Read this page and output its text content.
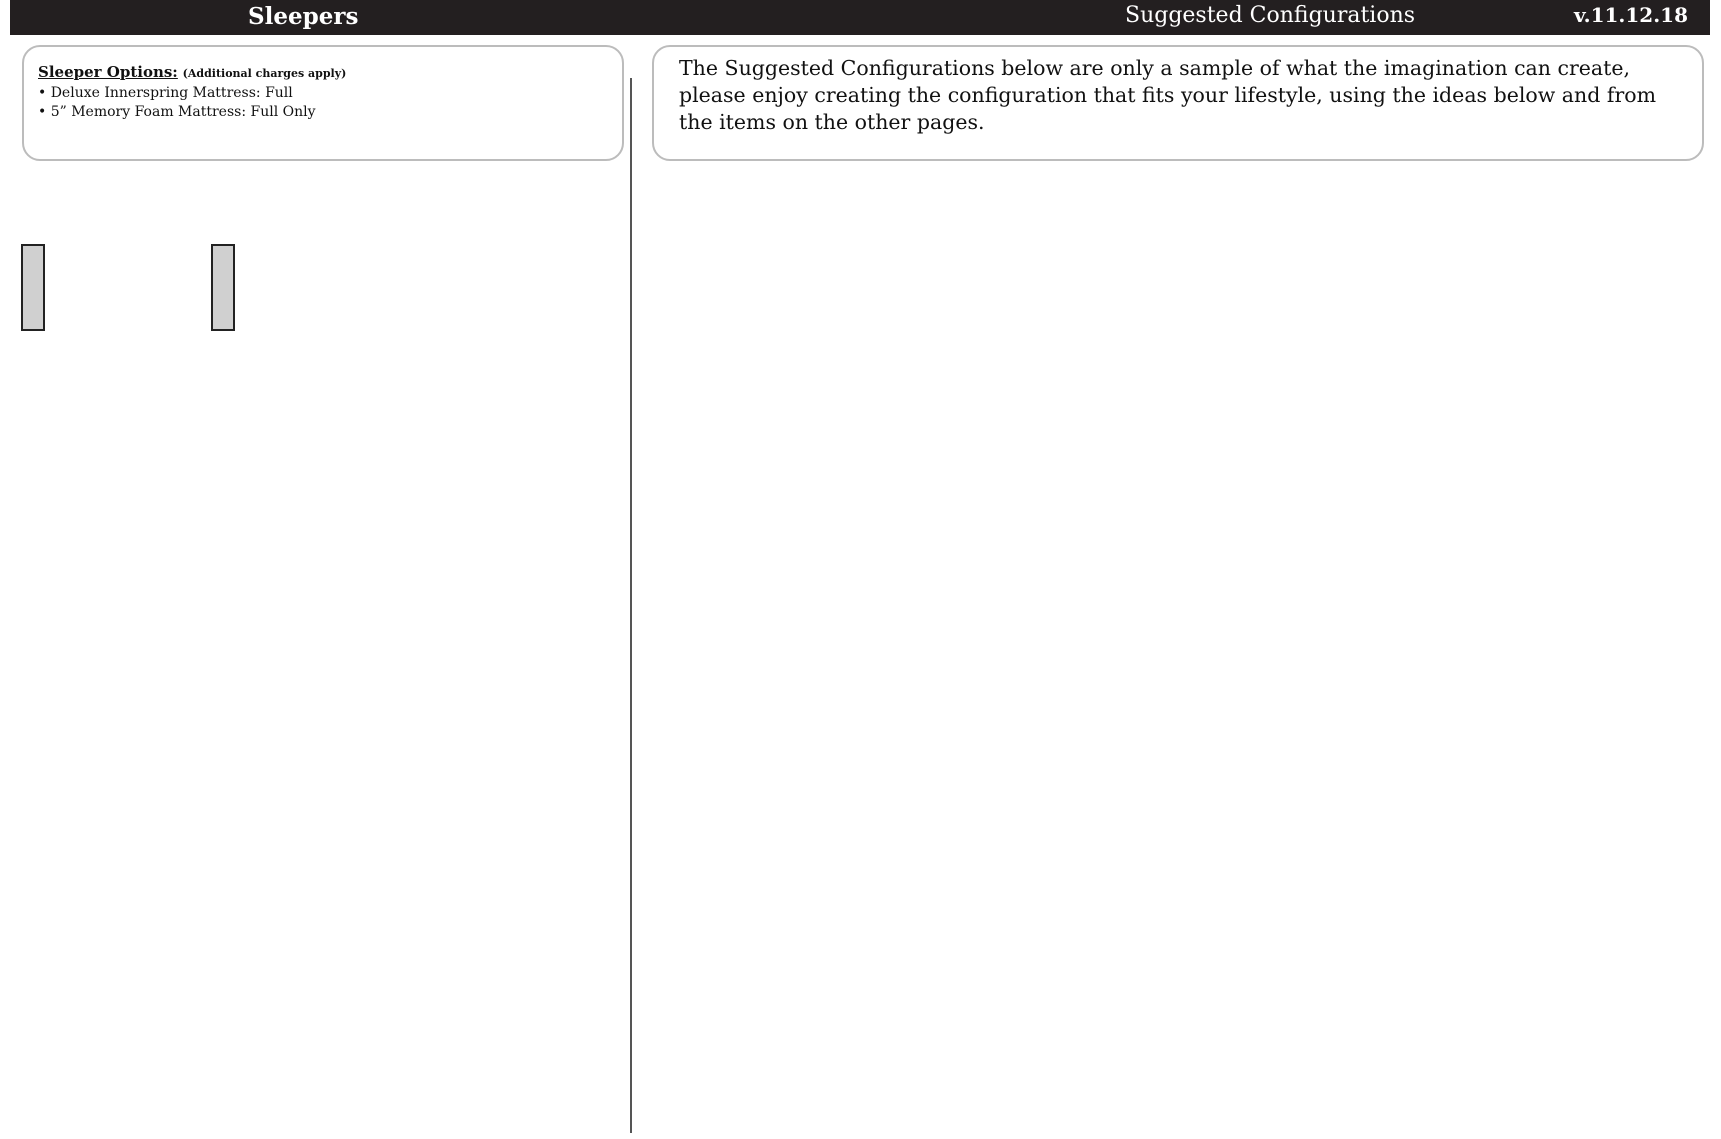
Sleepers	Suggested Configurations	v.11.12.18
Sleeper Options: (Additional charges apply)
• Deluxe Innerspring Mattress: Full
• 5” Memory Foam Mattress: Full Only

The Suggested Configurations below are only a sample of what the imagination can create, please enjoy creating the configuration that fits your lifestyle, using the ideas below and from the items on the other pages.
